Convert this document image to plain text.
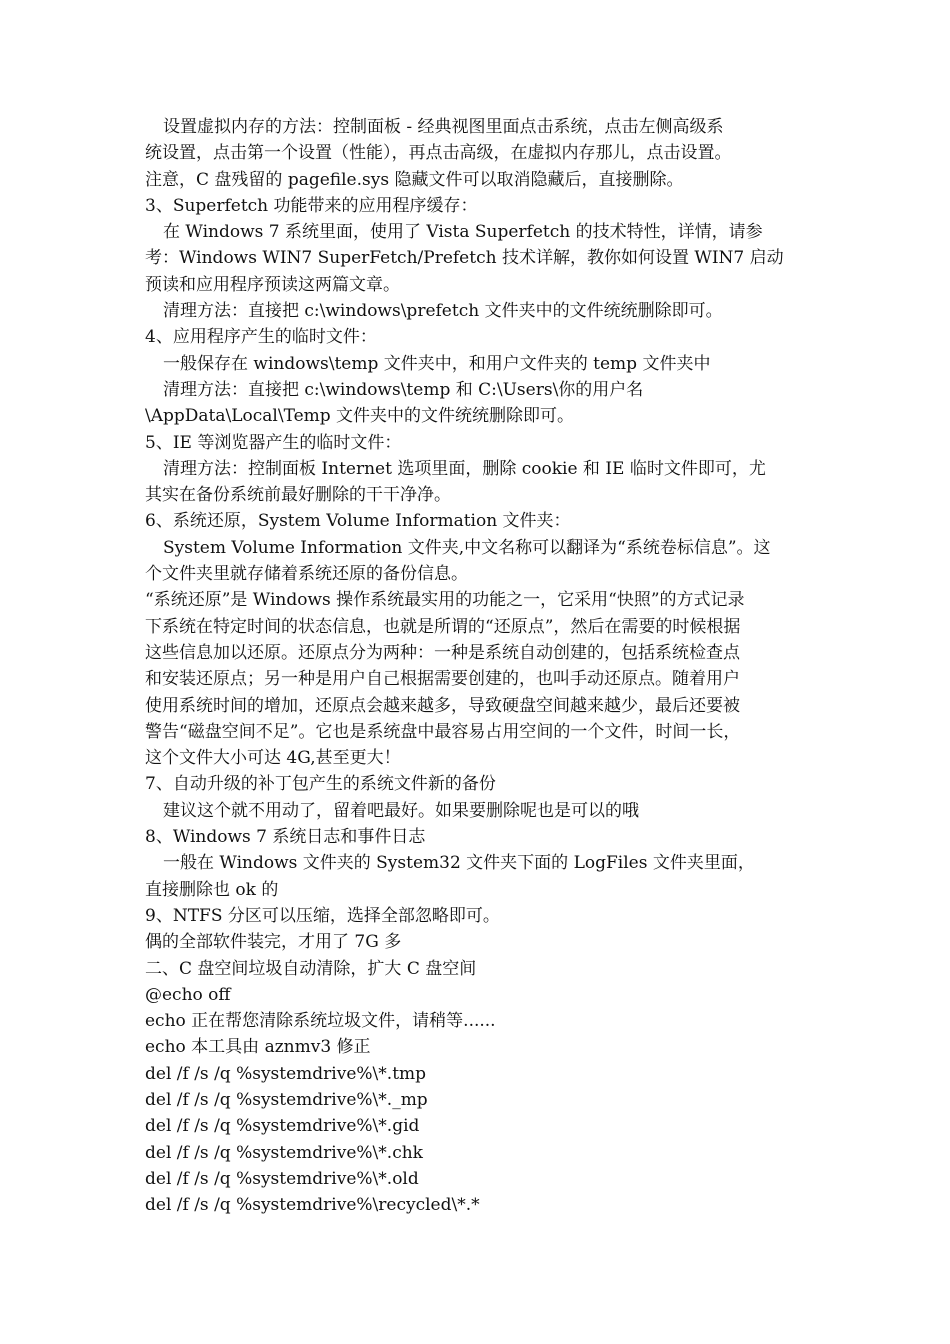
设置虚拟内存的方法：控制面板 - 经典视图里面点击系统，点击左侧高级系
统设置，点击第一个设置（性能），再点击高级，在虚拟内存那儿，点击设置。
注意，C 盘残留的 pagefile.sys 隐藏文件可以取消隐藏后，直接删除。
3、Superfetch 功能带来的应用程序缓存：
在 Windows 7 系统里面，使用了 Vista Superfetch 的技术特性，详情，请参
考：Windows WIN7 SuperFetch/Prefetch 技术详解，教你如何设置 WIN7 启动
预读和应用程序预读这两篇文章。
清理方法：直接把 c:\windows\prefetch 文件夹中的文件统统删除即可。
4、应用程序产生的临时文件：
一般保存在 windows\temp 文件夹中，和用户文件夹的 temp 文件夹中
清理方法：直接把 c:\windows\temp 和 C:\Users\你的用户名
\AppData\Local\Temp 文件夹中的文件统统删除即可。
5、IE 等浏览器产生的临时文件：
清理方法：控制面板 Internet 选项里面，删除 cookie 和 IE 临时文件即可，尤
其实在备份系统前最好删除的干干净净。
6、系统还原，System Volume Information 文件夹：
System Volume Information 文件夹,中文名称可以翻译为“系统卷标信息”。这
个文件夹里就存储着系统还原的备份信息。
“系统还原”是 Windows 操作系统最实用的功能之一，它采用“快照”的方式记录
下系统在特定时间的状态信息，也就是所谓的“还原点”，然后在需要的时候根据
这些信息加以还原。还原点分为两种：一种是系统自动创建的，包括系统检查点
和安装还原点；另一种是用户自己根据需要创建的，也叫手动还原点。随着用户
使用系统时间的增加，还原点会越来越多，导致硬盘空间越来越少，最后还要被
警告“磁盘空间不足”。它也是系统盘中最容易占用空间的一个文件，时间一长，
这个文件大小可达 4G,甚至更大！
7、自动升级的补丁包产生的系统文件新的备份
建议这个就不用动了，留着吧最好。如果要删除呢也是可以的哦
8、Windows 7 系统日志和事件日志
一般在 Windows 文件夹的 System32 文件夹下面的 LogFiles 文件夹里面，
直接删除也 ok 的
9、NTFS 分区可以压缩，选择全部忽略即可。
偶的全部软件装完，才用了 7G 多
二、C 盘空间垃圾自动清除，扩大 C 盘空间
@echo off
echo 正在帮您清除系统垃圾文件，请稍等......
echo 本工具由 aznmv3 修正
del /f /s /q %systemdrive%\*.tmp
del /f /s /q %systemdrive%\*._mp
del /f /s /q %systemdrive%\*.gid
del /f /s /q %systemdrive%\*.chk
del /f /s /q %systemdrive%\*.old
del /f /s /q %systemdrive%\recycled\*.*
